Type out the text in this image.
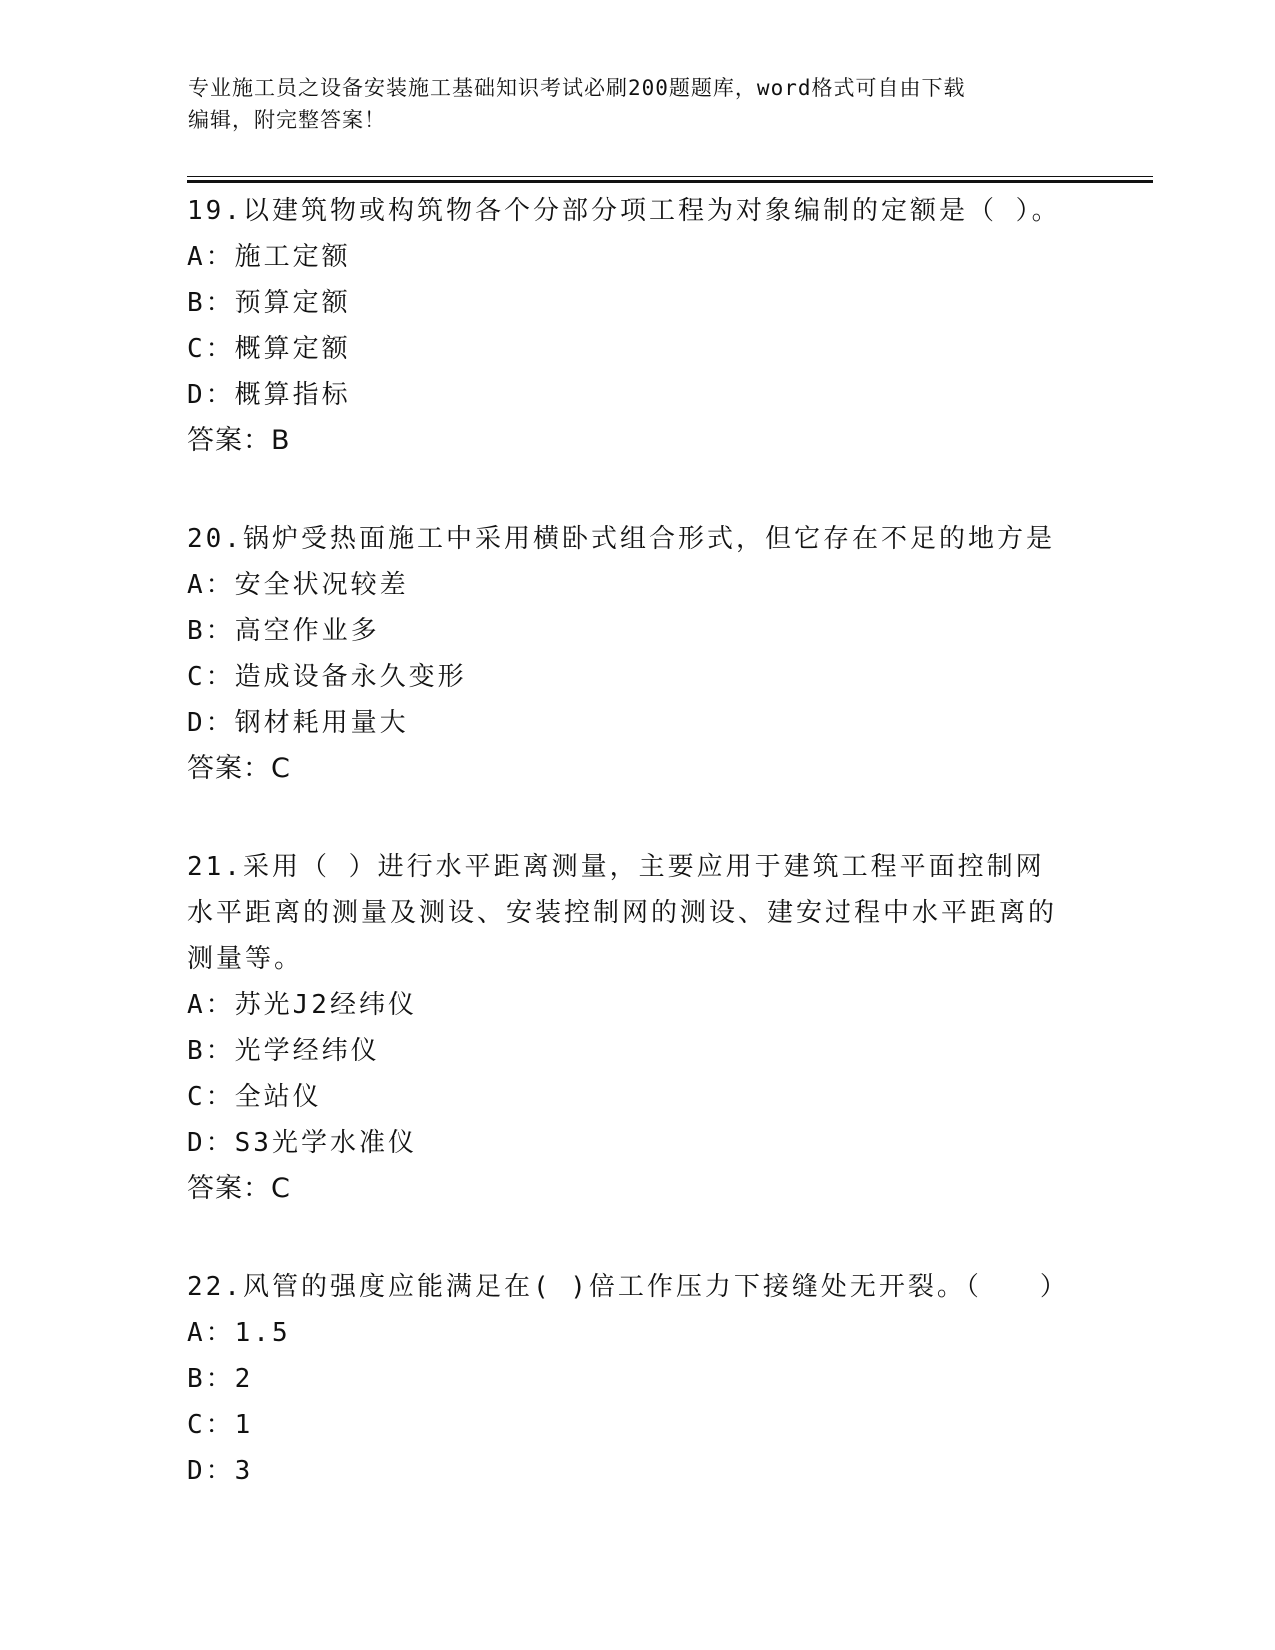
专业施工员之设备安装施工基础知识考试必刷200题题库，word格式可自由下载
编辑，附完整答案！
19.以建筑物或构筑物各个分部分项工程为对象编制的定额是（ ）。
A：施工定额
B：预算定额
C：概算定额
D：概算指标
答案：B
20.锅炉受热面施工中采用横卧式组合形式，但它存在不足的地方是
A：安全状况较差
B：高空作业多
C：造成设备永久变形
D：钢材耗用量大
答案：C
21.采用（ ）进行水平距离测量，主要应用于建筑工程平面控制网水平距离的测量及测设、安装控制网的测设、建安过程中水平距离的测量等。
A：苏光J2经纬仪
B：光学经纬仪
C：全站仪
D：S3光学水准仪
答案：C
22.风管的强度应能满足在( )倍工作压力下接缝处无开裂。（　　）
A：1.5
B：2
C：1
D：3
